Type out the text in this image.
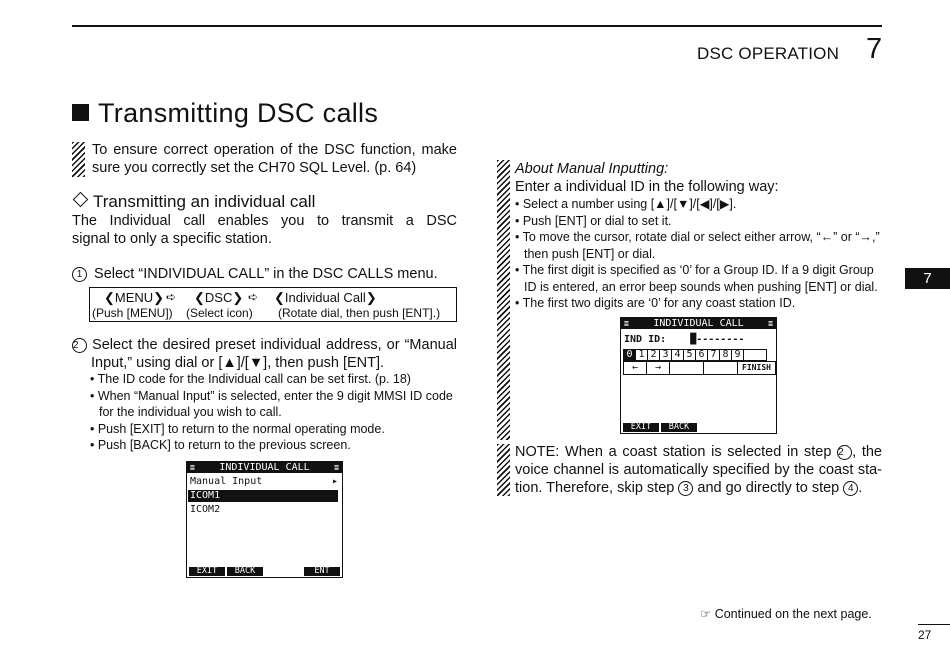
DSC OPERATION 7
7
Transmitting DSC calls
To ensure correct operation of the DSC function, make
sure you correctly set the CH70 SQL Level. (p. 64)
Transmitting an individual call
The Individual call enables you to transmit a DSC
signal to only a specific station.
1 Select “INDIVIDUAL CALL” in the DSC CALLS menu.
❮MENU❯ ➪ ❮DSC❯ ➪ ❮Individual Call❯
(Push [MENU]) (Select icon) (Rotate dial, then push [ENT].)
2 Select the desired preset individual address, or “Manual
Input,” using dial or [▲]/[▼], then push [ENT].
• The ID code for the Individual call can be set first. (p. 18)
• When “Manual Input” is selected, enter the 9 digit MMSI ID code for the individual you wish to call.
• Push [EXIT] to return to the normal operating mode.
• Push [BACK] to return to the previous screen.
≣ INDIVIDUAL CALL	≣
Manual Input	▸
ICOM1
ICOM2
EXIT	BACK	ENT
About Manual Inputting:
Enter a individual ID in the following way:
• Select a number using [▲]/[▼]/[◀]/[▶].
• Push [ENT] or dial to set it.
• To move the cursor, rotate dial or select either arrow, “←” or “→,” then push [ENT] or dial.
• The first digit is specified as ‘0’ for a Group ID. If a 9 digit Group ID is entered, an error beep sounds when pushing [ENT] or dial.
• The first two digits are ‘0’ for any coast station ID.
≣ INDIVIDUAL CALL	≣
IND ID: █--------
0 1 2 3 4 5 6 7 8 9
←	→	FINISH
EXIT	BACK
NOTE: When a coast station is selected in step 2 , the
voice channel is automatically specified by the coast sta-
tion. Therefore, skip step 3 and go directly to step 4 .
☞ Continued on the next page.
27
